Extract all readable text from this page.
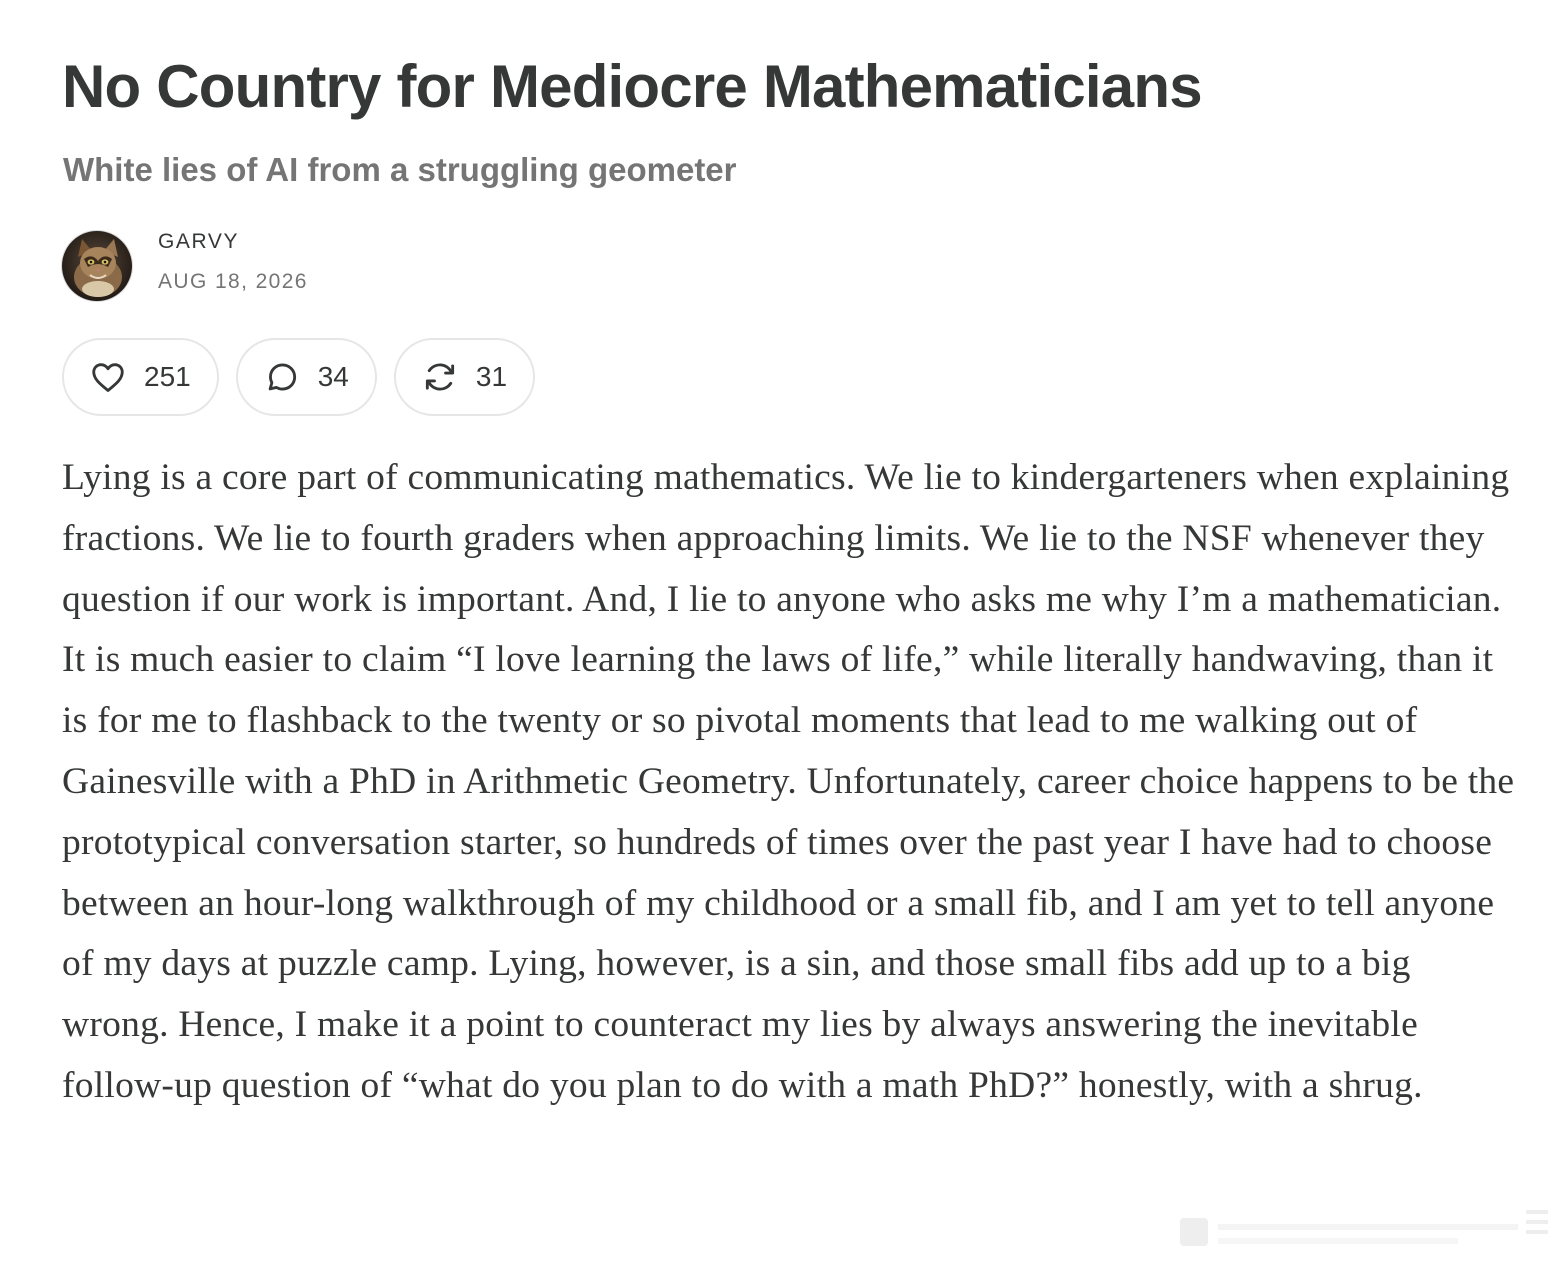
No Country for Mediocre Mathematicians
White lies of AI from a struggling geometer
GARVY
AUG 18, 2026
251	34	31

Lying is a core part of communicating mathematics. We lie to kindergarteners when explaining fractions. We lie to fourth graders when approaching limits. We lie to the NSF whenever they question if our work is important. And, I lie to anyone who asks me why I’m a mathematician. It is much easier to claim “I love learning the laws of life,” while literally handwaving, than it is for me to flashback to the twenty or so pivotal moments that lead to me walking out of Gainesville with a PhD in Arithmetic Geometry. Unfortunately, career choice happens to be the prototypical conversation starter, so hundreds of times over the past year I have had to choose between an hour-long walkthrough of my childhood or a small fib, and I am yet to tell anyone of my days at puzzle camp. Lying, however, is a sin, and those small fibs add up to a big wrong. Hence, I make it a point to counteract my lies by always answering the inevitable follow-up question of “what do you plan to do with a math PhD?” honestly, with a shrug.
